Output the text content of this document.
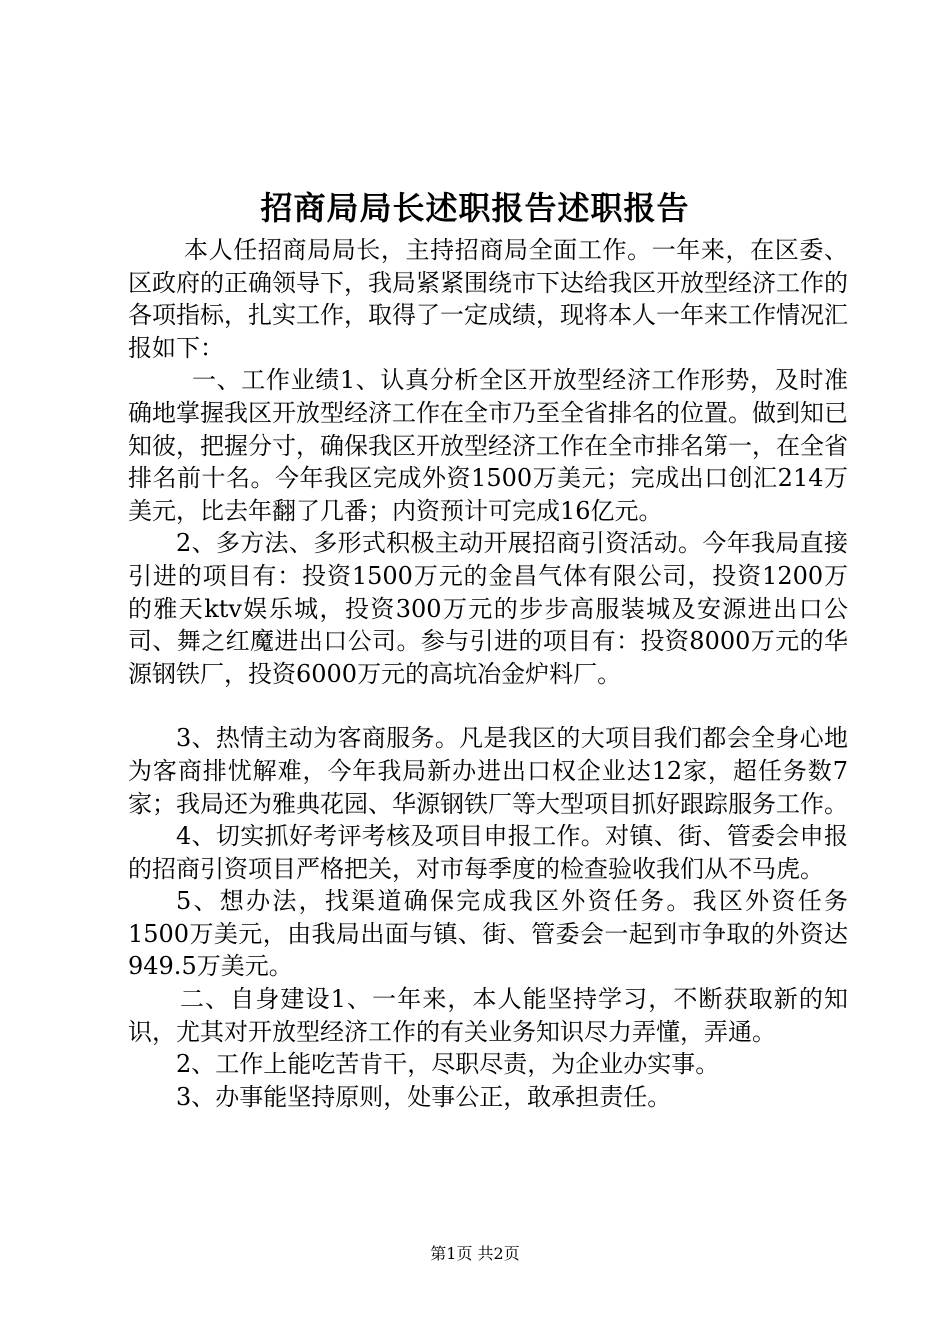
招商局局长述职报告述职报告

本人任招商局局长，主持招商局全面工作。一年来，在区委、区政府的正确领导下，我局紧紧围绕市下达给我区开放型经济工作的各项指标，扎实工作，取得了一定成绩，现将本人一年来工作情况汇报如下：

一、工作业绩1、认真分析全区开放型经济工作形势，及时准确地掌握我区开放型经济工作在全市乃至全省排名的位置。做到知已知彼，把握分寸，确保我区开放型经济工作在全市排名第一，在全省排名前十名。今年我区完成外资1500万美元；完成出口创汇214万美元，比去年翻了几番；内资预计可完成16亿元。

2、多方法、多形式积极主动开展招商引资活动。今年我局直接引进的项目有：投资1500万元的金昌气体有限公司，投资1200万的雅天ktv娱乐城，投资300万元的步步高服装城及安源进出口公司、舞之红魔进出口公司。参与引进的项目有：投资8000万元的华源钢铁厂，投资6000万元的高坑冶金炉料厂。

3、热情主动为客商服务。凡是我区的大项目我们都会全身心地为客商排忧解难，今年我局新办进出口权企业达12家，超任务数7家；我局还为雅典花园、华源钢铁厂等大型项目抓好跟踪服务工作。

4、切实抓好考评考核及项目申报工作。对镇、街、管委会申报的招商引资项目严格把关，对市每季度的检查验收我们从不马虎。

5、想办法，找渠道确保完成我区外资任务。我区外资任务1500万美元，由我局出面与镇、街、管委会一起到市争取的外资达949.5万美元。

二、自身建设1、一年来，本人能坚持学习，不断获取新的知识，尤其对开放型经济工作的有关业务知识尽力弄懂，弄通。

2、工作上能吃苦肯干，尽职尽责，为企业办实事。

3、办事能坚持原则，处事公正，敢承担责任。

第1页 共2页
